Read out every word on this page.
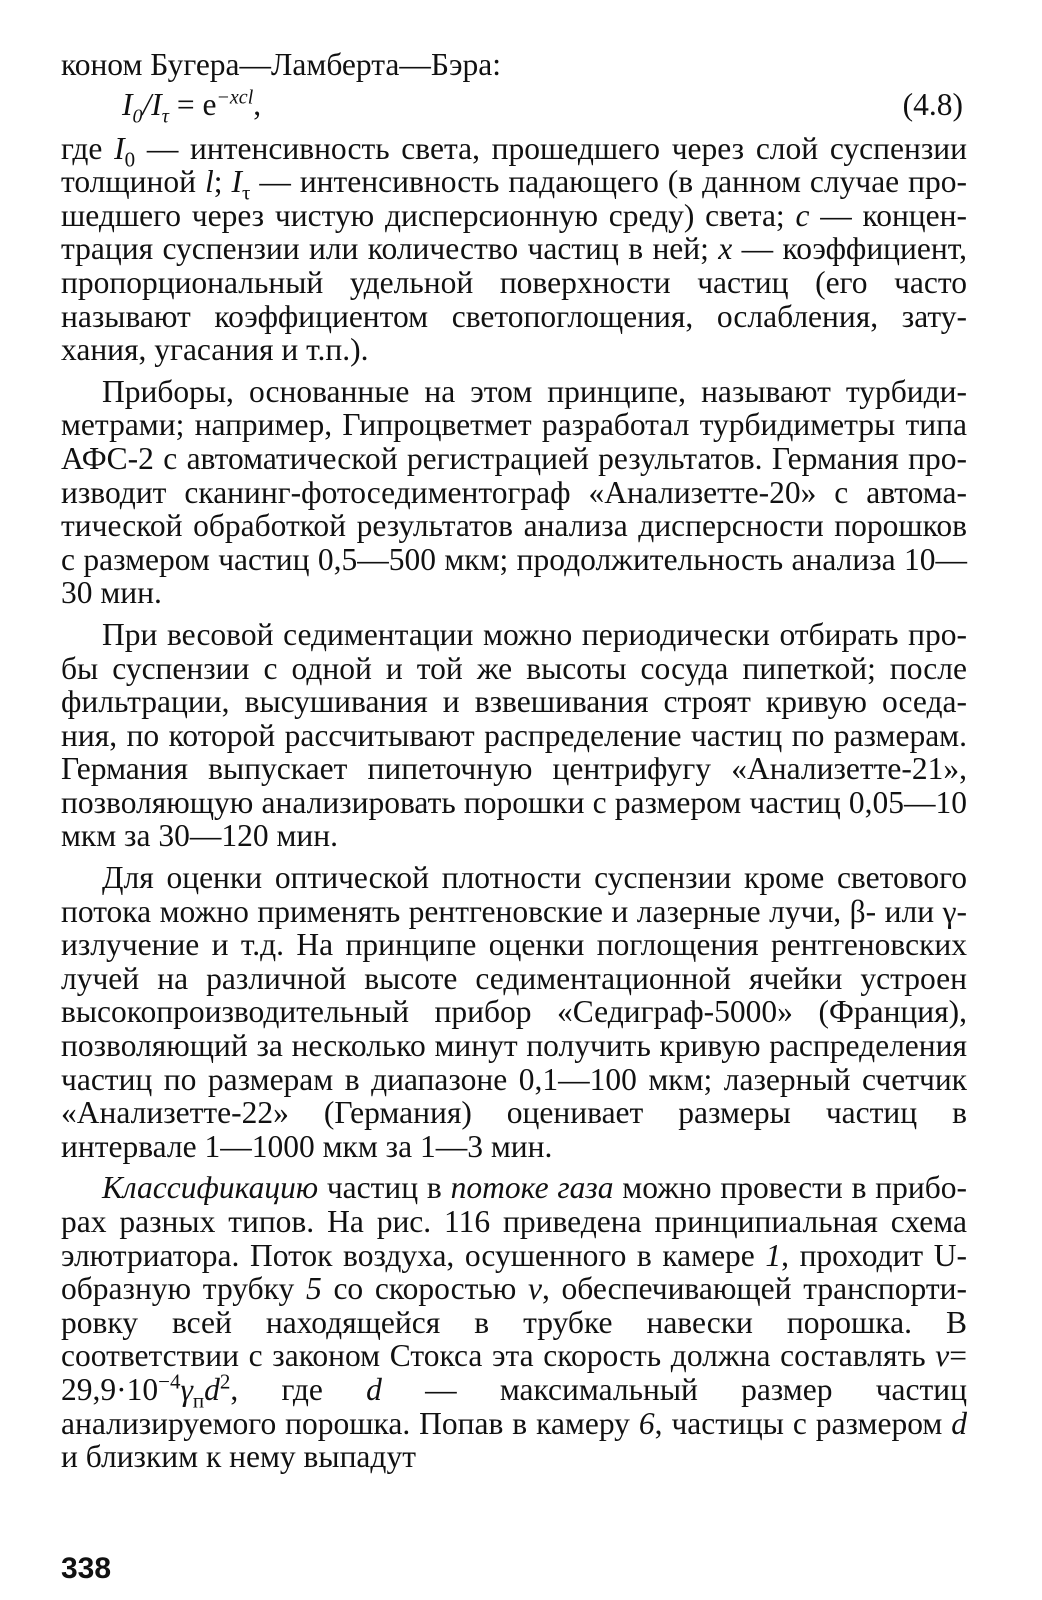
коном Бугера—Ламберта—Бэра:

$I_0/I_\tau = e^{-xcl}$,	(4.8)

где $I_0$ — интенсивность света, прошедшего через слой суспензии толщиной l; $I_\tau$ — интенсивность падающего (в данном случае прошедшего через чистую дисперсионную среду) света; c — концентрация суспензии или количество частиц в ней; x — коэффициент, пропорциональный удельной поверхности частиц (его часто называют коэффициентом светопоглощения, ослабления, затухания, угасания и т.п.).

Приборы, основанные на этом принципе, называют турбидиметрами; например, Гипроцветмет разработал турбидиметры типа АФС-2 с автоматической регистрацией результатов. Германия производит сканинг-фотоседиментограф «Анализетте-20» с автоматической обработкой результатов анализа дисперсности порошков с размером частиц 0,5—500 мкм; продолжительность анализа 10—30 мин.

При весовой седиментации можно периодически отбирать пробы суспензии с одной и той же высоты сосуда пипеткой; после фильтрации, высушивания и взвешивания строят кривую оседания, по которой рассчитывают распределение частиц по размерам. Германия выпускает пипеточную центрифугу «Анализетте-21», позволяющую анализировать порошки с размером частиц 0,05—10 мкм за 30—120 мин.

Для оценки оптической плотности суспензии кроме светового потока можно применять рентгеновские и лазерные лучи, β- или γ- излучение и т.д. На принципе оценки поглощения рентгеновских лучей на различной высоте седиментационной ячейки устроен высокопроизводительный прибор «Седиграф-5000» (Франция), позволяющий за несколько минут получить кривую распределения частиц по размерам в диапазоне 0,1—100 мкм; лазерный счетчик «Анализетте-22» (Германия) оценивает размеры частиц в интервале 1—1000 мкм за 1—3 мин.

Классификацию частиц в потоке газа можно провести в приборах разных типов. На рис. 116 приведена принципиальная схема элютриатора. Поток воздуха, осушенного в камере 1, проходит U-образную трубку 5 со скоростью v, обеспечивающей транспортировку всей находящейся в трубке навески порошка. В соответствии с законом Стокса эта скорость должна составлять $v= 29,9\cdot 10^{-4}\gamma_пd^2$, где d — максимальный размер частиц анализируемого порошка. Попав в камеру 6, частицы с размером d и близким к нему выпадут

338
